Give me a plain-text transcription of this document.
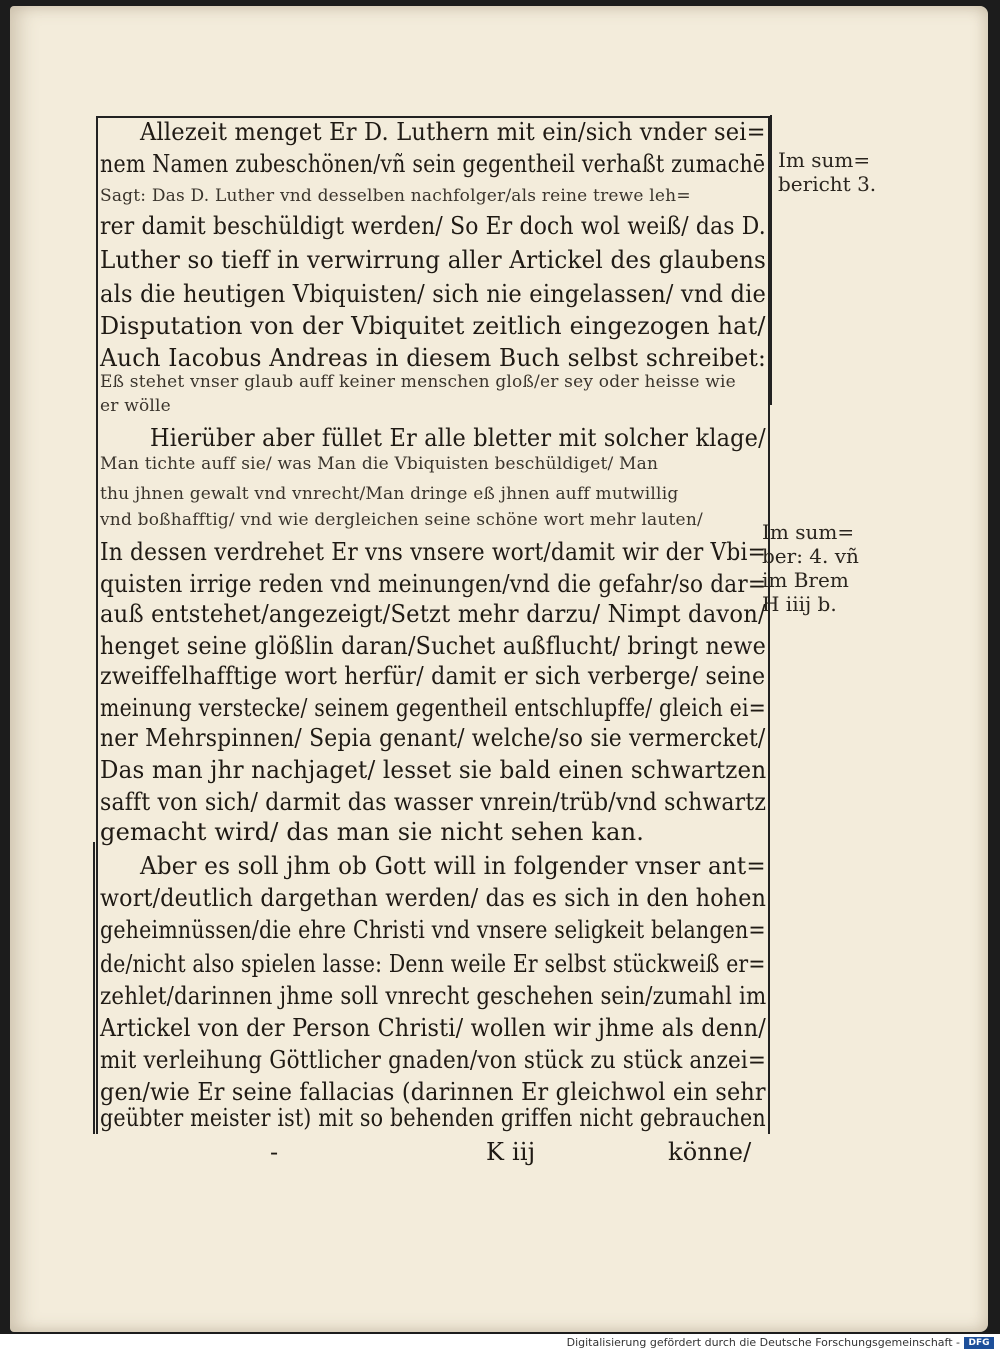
Allezeit menget Er D. Luthern mit ein/sich vnder sei=
nem Namen zubeschönen/vñ sein gegentheil verhaßt zumachē
Sagt: Das D. Luther vnd desselben nachfolger/als reine trewe leh=
rer damit beschüldigt werden/ So Er doch wol weiß/ das D.
Luther so tieff in verwirrung aller Artickel des glaubens
als die heutigen Vbiquisten/ sich nie eingelassen/ vnd die
Disputation von der Vbiquitet zeitlich eingezogen hat/
Auch Iacobus Andreas in diesem Buch selbst schreibet:
Eß stehet vnser glaub auff keiner menschen gloß/er sey oder heisse wie
er wölle
Hierüber aber füllet Er alle bletter mit solcher klage/
Man tichte auff sie/ was Man die Vbiquisten beschüldiget/ Man
thu jhnen gewalt vnd vnrecht/Man dringe eß jhnen auff mutwillig
vnd boßhafftig/ vnd wie dergleichen seine schöne wort mehr lauten/
In dessen verdrehet Er vns vnsere wort/damit wir der Vbi=
quisten irrige reden vnd meinungen/vnd die gefahr/so dar=
auß entstehet/angezeigt/Setzt mehr darzu/ Nimpt davon/
henget seine glößlin daran/Suchet außflucht/ bringt newe
zweiffelhafftige wort herfür/ damit er sich verberge/ seine
meinung verstecke/ seinem gegentheil entschlupffe/ gleich ei=
ner Mehrspinnen/ Sepia genant/ welche/so sie vermercket/
Das man jhr nachjaget/ lesset sie bald einen schwartzen
safft von sich/ darmit das wasser vnrein/trüb/vnd schwartz
gemacht wird/ das man sie nicht sehen kan.
Aber es soll jhm ob Gott will in folgender vnser ant=
wort/deutlich dargethan werden/ das es sich in den hohen
geheimnüssen/die ehre Christi vnd vnsere seligkeit belangen=
de/nicht also spielen lasse: Denn weile Er selbst stückweiß er=
zehlet/darinnen jhme soll vnrecht geschehen sein/zumahl im
Artickel von der Person Christi/ wollen wir jhme als denn/
mit verleihung Göttlicher gnaden/von stück zu stück anzei=
gen/wie Er seine fallacias (darinnen Er gleichwol ein sehr
geübter meister ist) mit so behenden griffen nicht gebrauchen
Im sum=
bericht 3.
Im sum=
ber: 4. vñ
im Brem
H iiij b.
-	K iij	könne/
Digitalisierung gefördert durch die Deutsche Forschungsgemeinschaft - DFG
